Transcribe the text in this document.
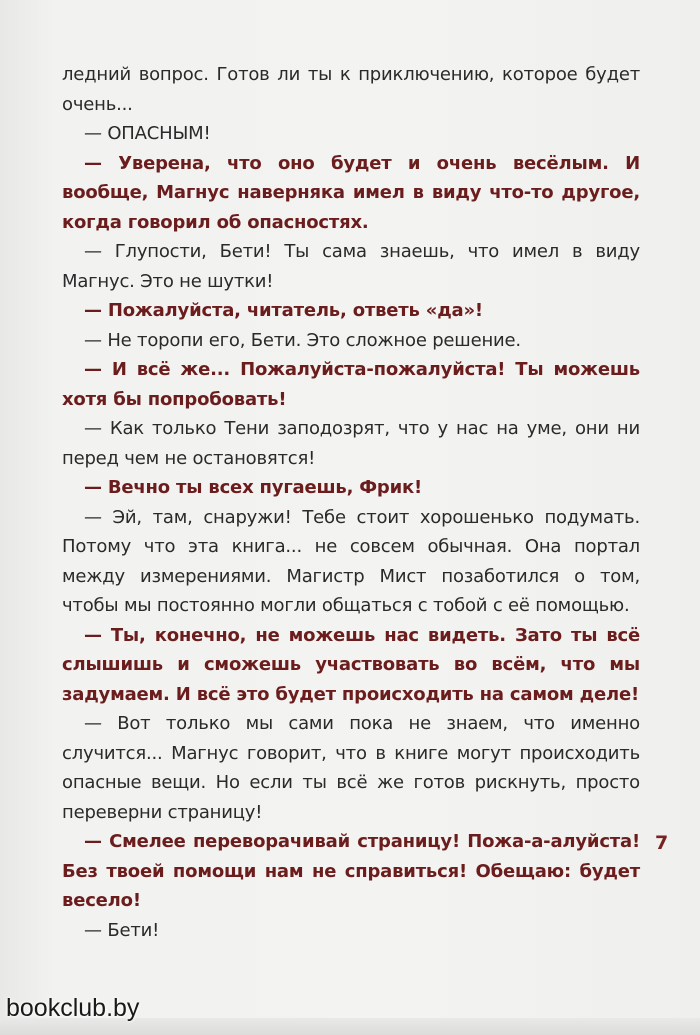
ледний вопрос. Готов ли ты к приключению, которое будет очень...

— ОПАСНЫМ!

— Уверена, что оно будет и очень весёлым. И вообще, Магнус наверняка имел в виду что-то другое, когда говорил об опасностях.

— Глупости, Бети! Ты сама знаешь, что имел в виду Магнус. Это не шутки!

— Пожалуйста, читатель, ответь «да»!

— Не торопи его, Бети. Это сложное решение.

— И всё же... Пожалуйста-пожалуйста! Ты можешь хотя бы попробовать!

— Как только Тени заподозрят, что у нас на уме, они ни перед чем не остановятся!

— Вечно ты всех пугаешь, Фрик!

— Эй, там, снаружи! Тебе стоит хорошенько подумать. Потому что эта книга... не совсем обычная. Она портал между измерениями. Магистр Мист позаботился о том, чтобы мы постоянно могли общаться с тобой с её помощью.

— Ты, конечно, не можешь нас видеть. Зато ты всё слышишь и сможешь участвовать во всём, что мы задумаем. И всё это будет происходить на самом деле!

— Вот только мы сами пока не знаем, что именно случится... Магнус говорит, что в книге могут происходить опасные вещи. Но если ты всё же готов рискнуть, просто переверни страницу!

— Смелее переворачивай страницу! Пожа-а-алуйста! Без твоей помощи нам не справиться! Обещаю: будет весело!

— Бети!

7
bookclub.by
